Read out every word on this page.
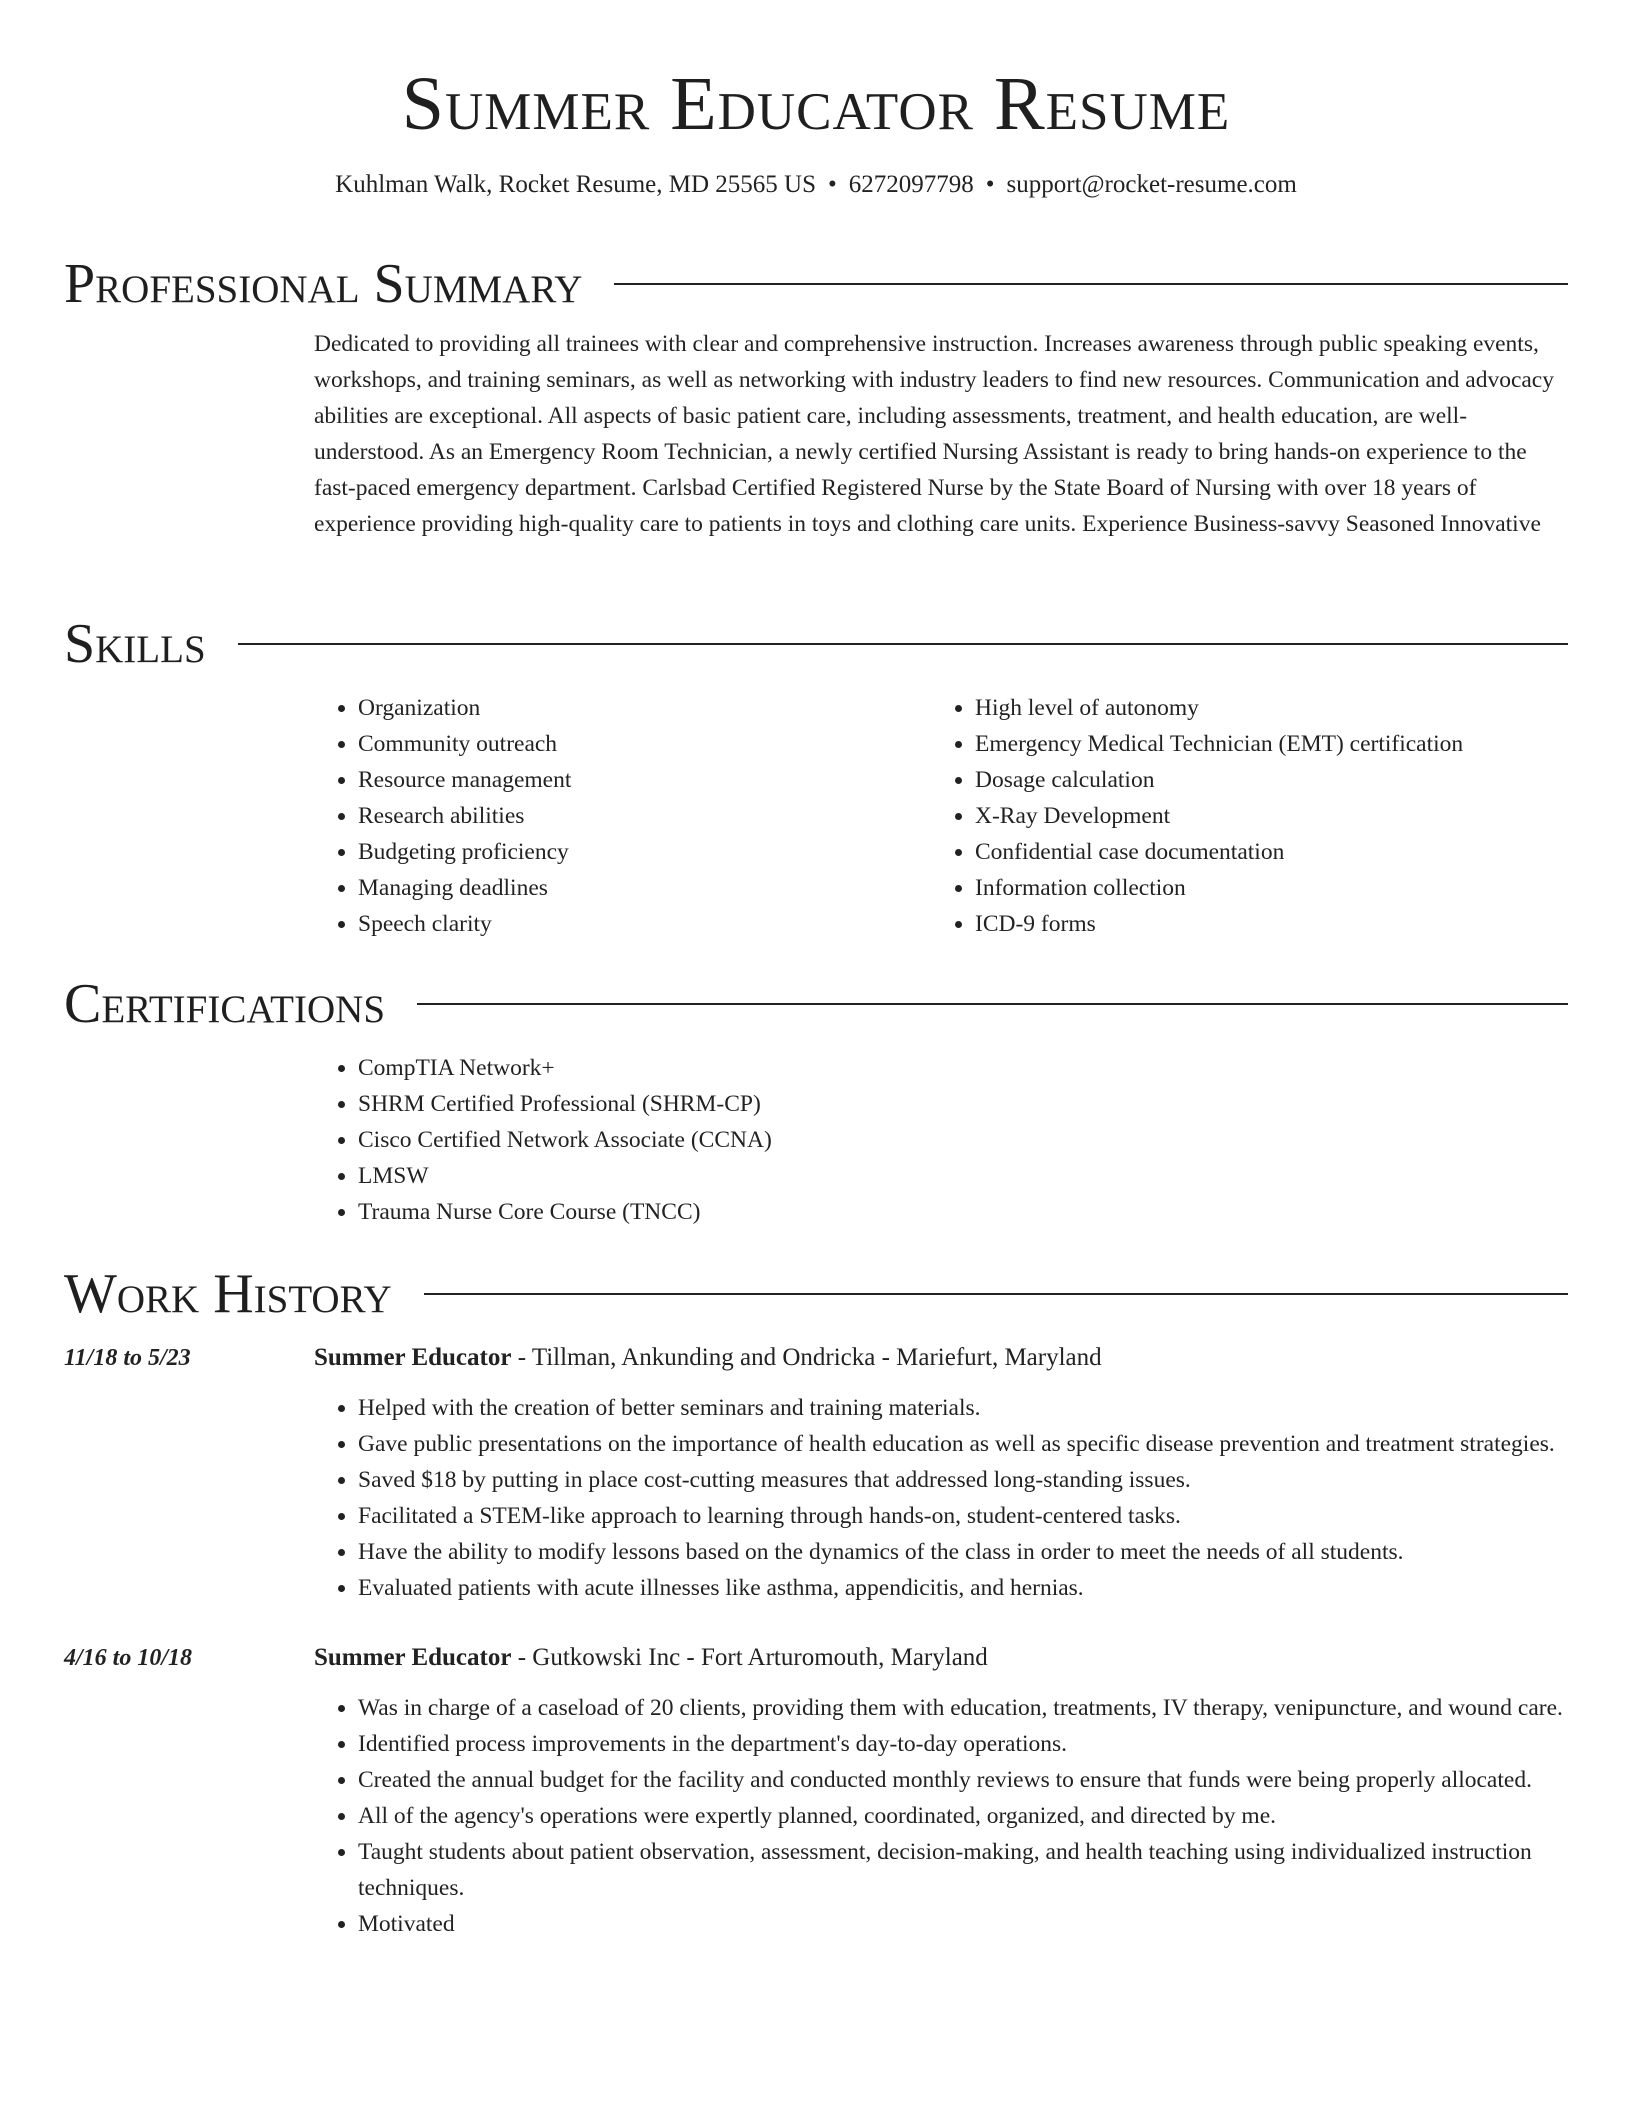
Summer Educator Resume
Kuhlman Walk, Rocket Resume, MD 25565 US • 6272097798 • support@rocket-resume.com
Professional Summary
Dedicated to providing all trainees with clear and comprehensive instruction. Increases awareness through public speaking events, workshops, and training seminars, as well as networking with industry leaders to find new resources. Communication and advocacy abilities are exceptional. All aspects of basic patient care, including assessments, treatment, and health education, are well-understood. As an Emergency Room Technician, a newly certified Nursing Assistant is ready to bring hands-on experience to the fast-paced emergency department. Carlsbad Certified Registered Nurse by the State Board of Nursing with over 18 years of experience providing high-quality care to patients in toys and clothing care units. Experience Business-savvy Seasoned Innovative
Skills
• Organization
• Community outreach
• Resource management
• Research abilities
• Budgeting proficiency
• Managing deadlines
• Speech clarity
• High level of autonomy
• Emergency Medical Technician (EMT) certification
• Dosage calculation
• X-Ray Development
• Confidential case documentation
• Information collection
• ICD-9 forms
Certifications
• CompTIA Network+
• SHRM Certified Professional (SHRM-CP)
• Cisco Certified Network Associate (CCNA)
• LMSW
• Trauma Nurse Core Course (TNCC)
Work History
11/18 to 5/23	Summer Educator - Tillman, Ankunding and Ondricka - Mariefurt, Maryland
• Helped with the creation of better seminars and training materials.
• Gave public presentations on the importance of health education as well as specific disease prevention and treatment strategies.
• Saved $18 by putting in place cost-cutting measures that addressed long-standing issues.
• Facilitated a STEM-like approach to learning through hands-on, student-centered tasks.
• Have the ability to modify lessons based on the dynamics of the class in order to meet the needs of all students.
• Evaluated patients with acute illnesses like asthma, appendicitis, and hernias.
4/16 to 10/18	Summer Educator - Gutkowski Inc - Fort Arturomouth, Maryland
• Was in charge of a caseload of 20 clients, providing them with education, treatments, IV therapy, venipuncture, and wound care.
• Identified process improvements in the department's day-to-day operations.
• Created the annual budget for the facility and conducted monthly reviews to ensure that funds were being properly allocated.
• All of the agency's operations were expertly planned, coordinated, organized, and directed by me.
• Taught students about patient observation, assessment, decision-making, and health teaching using individualized instruction techniques.
• Motivated
